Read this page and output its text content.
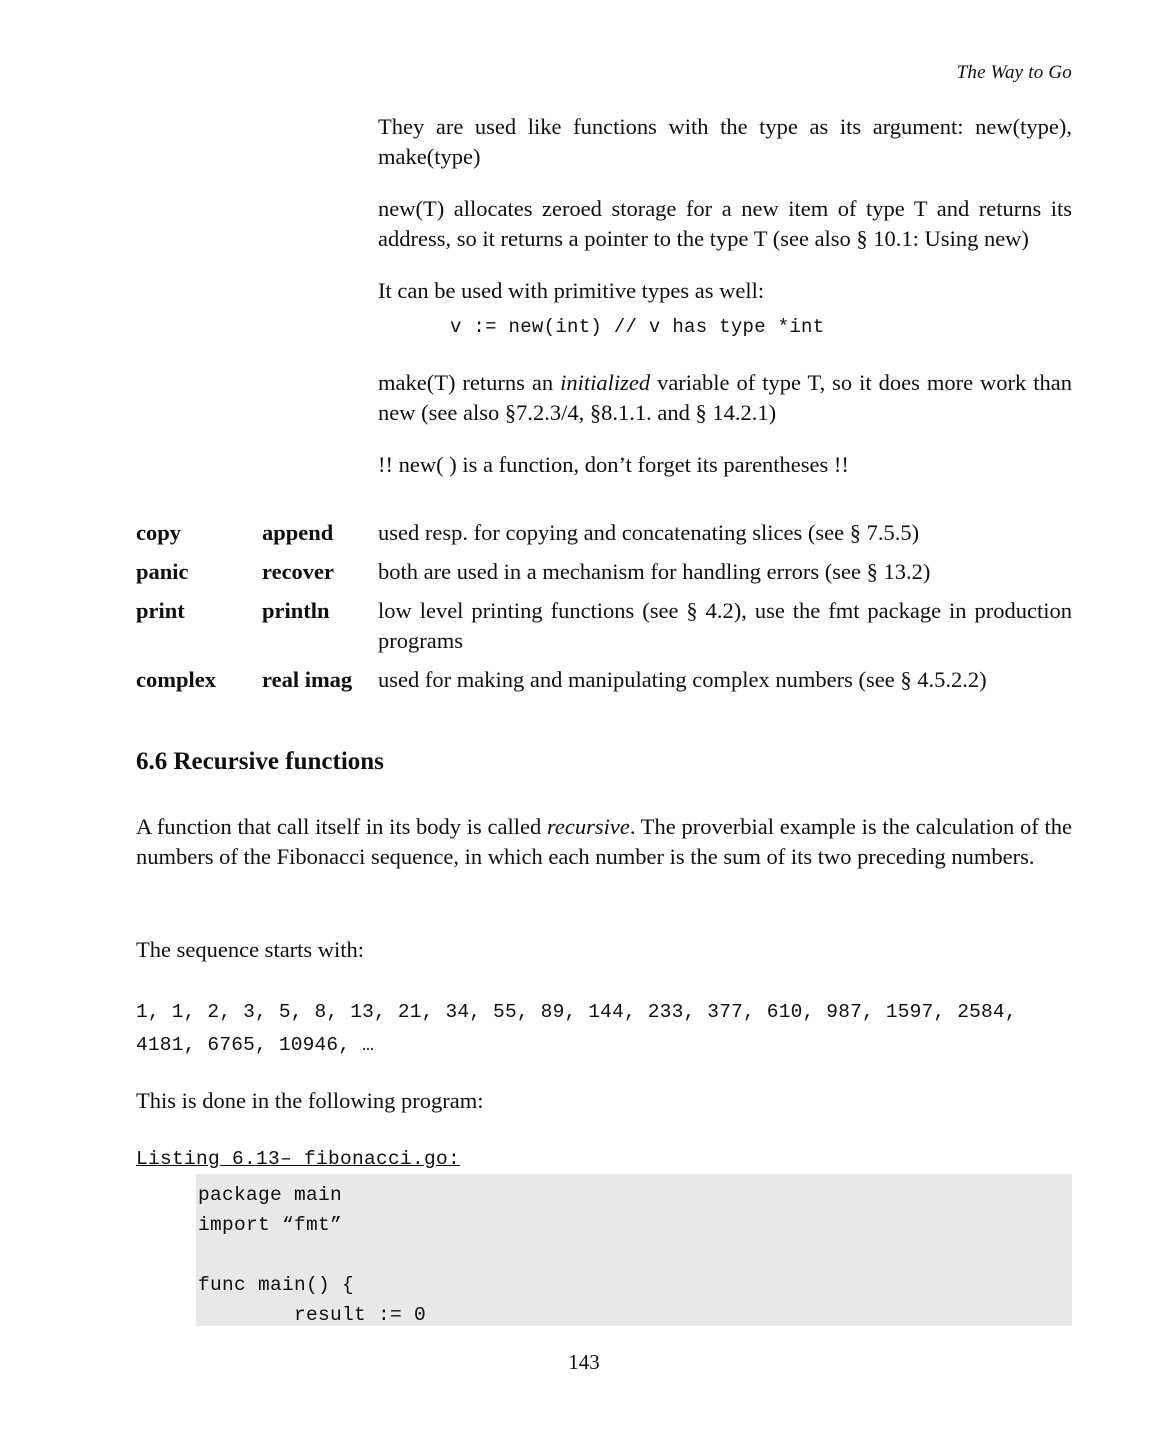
The Way to Go

They are used like functions with the type as its argument: new(type), make(type)

new(T) allocates zeroed storage for a new item of type T and returns its address, so it returns a pointer to the type T (see also § 10.1: Using new)

It can be used with primitive types as well:

v := new(int) // v has type *int

make(T) returns an initialized variable of type T, so it does more work than new (see also §7.2.3/4, §8.1.1. and § 14.2.1)

!! new( ) is a function, don’t forget its parentheses !!

copy	append	used resp. for copying and concatenating slices (see § 7.5.5)
panic	recover	both are used in a mechanism for handling errors (see § 13.2)
print	println	low level printing functions (see § 4.2), use the fmt package in production programs
complex	real imag	used for making and manipulating complex numbers (see § 4.5.2.2)
6.6 Recursive functions
A function that call itself in its body is called recursive. The proverbial example is the calculation of the numbers of the Fibonacci sequence, in which each number is the sum of its two preceding numbers.
The sequence starts with:
1, 1, 2, 3, 5, 8, 13, 21, 34, 55, 89, 144, 233, 377, 610, 987, 1597, 2584, 4181, 6765, 10946, …
This is done in the following program:
Listing 6.13– fibonacci.go:
package main
import “fmt”

func main() {
result := 0
143
